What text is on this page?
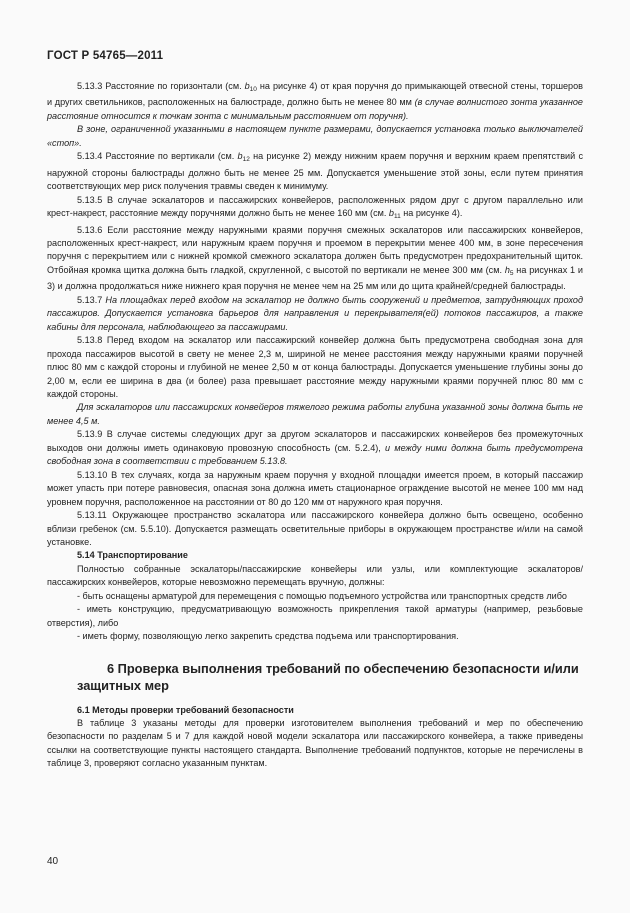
ГОСТ Р 54765—2011

5.13.3 Расстояние по горизонтали (см. $b_{10}$ на рисунке 4) от края поручня до примыкающей отвесной стены, торшеров и других светильников, расположенных на балюстраде, должно быть не менее 80 мм (в случае волнистого зонта указанное расстояние относится к точкам зонта с минимальным расстоянием от поручня).

В зоне, ограниченной указанными в настоящем пункте размерами, допускается установка только выключателей «стоп».

5.13.4 Расстояние по вертикали (см. $b_{12}$ на рисунке 2) между нижним краем поручня и верхним краем препятствий с наружной стороны балюстрады должно быть не менее 25 мм. Допускается уменьшение этой зоны, если путем принятия соответствующих мер риск получения травмы сведен к минимуму.

5.13.5 В случае эскалаторов и пассажирских конвейеров, расположенных рядом друг с другом параллельно или крест-накрест, расстояние между поручнями должно быть не менее 160 мм (см. $b_{11}$ на рисунке 4).

5.13.6 Если расстояние между наружными краями поручня смежных эскалаторов или пассажирских конвейеров, расположенных крест-накрест, или наружным краем поручня и проемом в перекрытии менее 400 мм, в зоне пересечения поручня с перекрытием или с нижней кромкой смежного эскалатора должен быть предусмотрен предохранительный щиток. Отбойная кромка щитка должна быть гладкой, скругленной, с высотой по вертикали не менее 300 мм (см. $h_5$ на рисунках 1 и 3) и должна продолжаться ниже нижнего края поручня не менее чем на 25 мм или до щита крайней/средней балюстрады.

5.13.7 На площадках перед входом на эскалатор не должно быть сооружений и предметов, затрудняющих проход пассажиров. Допускается установка барьеров для направления и перекрывателя(ей) потоков пассажиров, а также кабины для персонала, наблюдающего за пассажирами.

5.13.8 Перед входом на эскалатор или пассажирский конвейер должна быть предусмотрена свободная зона для прохода пассажиров высотой в свету не менее 2,3 м, шириной не менее расстояния между наружными краями поручней плюс 80 мм с каждой стороны и глубиной не менее 2,50 м от конца балюстрады. Допускается уменьшение глубины зоны до 2,00 м, если ее ширина в два (и более) раза превышает расстояние между наружными краями поручней плюс 80 мм с каждой стороны.

Для эскалаторов или пассажирских конвейеров тяжелого режима работы глубина указанной зоны должна быть не менее 4,5 м.

5.13.9 В случае системы следующих друг за другом эскалаторов и пассажирских конвейеров без промежуточных выходов они должны иметь одинаковую провозную способность (см. 5.2.4), и между ними должна быть предусмотрена свободная зона в соответствии с требованием 5.13.8.

5.13.10 В тех случаях, когда за наружным краем поручня у входной площадки имеется проем, в который пассажир может упасть при потере равновесия, опасная зона должна иметь стационарное ограждение высотой не менее 100 мм над уровнем поручня, расположенное на расстоянии от 80 до 120 мм от наружного края поручня.

5.13.11 Окружающее пространство эскалатора или пассажирского конвейера должно быть освещено, особенно вблизи гребенок (см. 5.5.10). Допускается размещать осветительные приборы в окружающем пространстве и/или на самой установке.

5.14 Транспортирование

Полностью собранные эскалаторы/пассажирские конвейеры или узлы, или комплектующие эскалаторов/пассажирских конвейеров, которые невозможно перемещать вручную, должны:

- быть оснащены арматурой для перемещения с помощью подъемного устройства или транспортных средств либо

- иметь конструкцию, предусматривающую возможность прикрепления такой арматуры (например, резьбовые отверстия), либо

- иметь форму, позволяющую легко закрепить средства подъема или транспортирования.

6 Проверка выполнения требований по обеспечению безопасности и/или защитных мер

6.1 Методы проверки требований безопасности

В таблице 3 указаны методы для проверки изготовителем выполнения требований и мер по обеспечению безопасности по разделам 5 и 7 для каждой новой модели эскалатора или пассажирского конвейера, а также приведены ссылки на соответствующие пункты настоящего стандарта. Выполнение требований подпунктов, которые не перечислены в таблице 3, проверяют согласно указанным пунктам.

40
